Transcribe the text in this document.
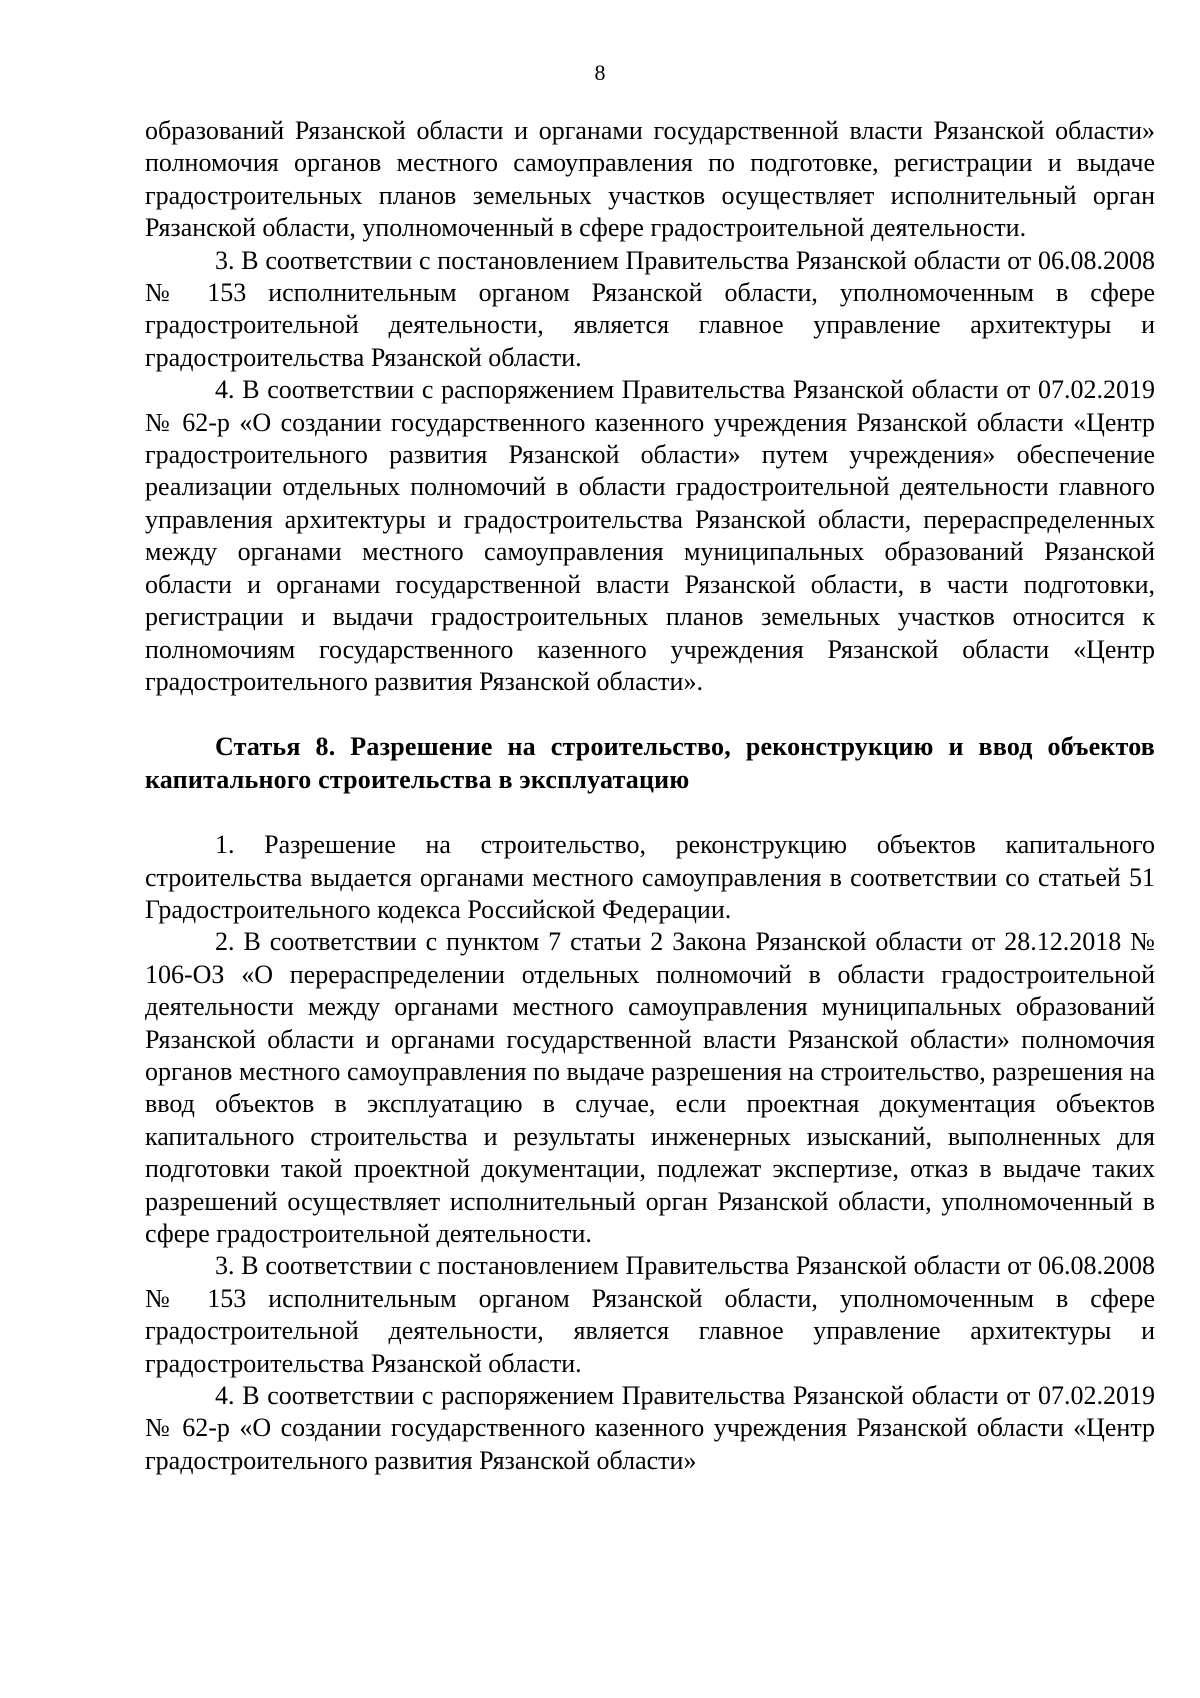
8

образований Рязанской области и органами государственной власти Рязанской области» полномочия органов местного самоуправления по подготовке, регистрации и выдаче градостроительных планов земельных участков осуществляет исполнительный орган Рязанской области, уполномоченный в сфере градостроительной деятельности.

3. В соответствии с постановлением Правительства Рязанской области от 06.08.2008 № 153 исполнительным органом Рязанской области, уполномоченным в сфере градостроительной деятельности, является главное управление архитектуры и градостроительства Рязанской области.

4. В соответствии с распоряжением Правительства Рязанской области от 07.02.2019 № 62-р «О создании государственного казенного учреждения Рязанской области «Центр градостроительного развития Рязанской области» путем учреждения» обеспечение реализации отдельных полномочий в области градостроительной деятельности главного управления архитектуры и градостроительства Рязанской области, перераспределенных между органами местного самоуправления муниципальных образований Рязанской области и органами государственной власти Рязанской области, в части подготовки, регистрации и выдачи градостроительных планов земельных участков относится к полномочиям государственного казенного учреждения Рязанской области «Центр градостроительного развития Рязанской области».

Статья 8. Разрешение на строительство, реконструкцию и ввод объектов капитального строительства в эксплуатацию

1. Разрешение на строительство, реконструкцию объектов капитального строительства выдается органами местного самоуправления в соответствии со статьей 51 Градостроительного кодекса Российской Федерации.

2. В соответствии с пунктом 7 статьи 2 Закона Рязанской области от 28.12.2018 № 106-ОЗ «О перераспределении отдельных полномочий в области градостроительной деятельности между органами местного самоуправления муниципальных образований Рязанской области и органами государственной власти Рязанской области» полномочия органов местного самоуправления по выдаче разрешения на строительство, разрешения на ввод объектов в эксплуатацию в случае, если проектная документация объектов капитального строительства и результаты инженерных изысканий, выполненных для подготовки такой проектной документации, подлежат экспертизе, отказ в выдаче таких разрешений осуществляет исполнительный орган Рязанской области, уполномоченный в сфере градостроительной деятельности.

3. В соответствии с постановлением Правительства Рязанской области от 06.08.2008 № 153 исполнительным органом Рязанской области, уполномоченным в сфере градостроительной деятельности, является главное управление архитектуры и градостроительства Рязанской области.

4. В соответствии с распоряжением Правительства Рязанской области от 07.02.2019 № 62-р «О создании государственного казенного учреждения Рязанской области «Центр градостроительного развития Рязанской области»
